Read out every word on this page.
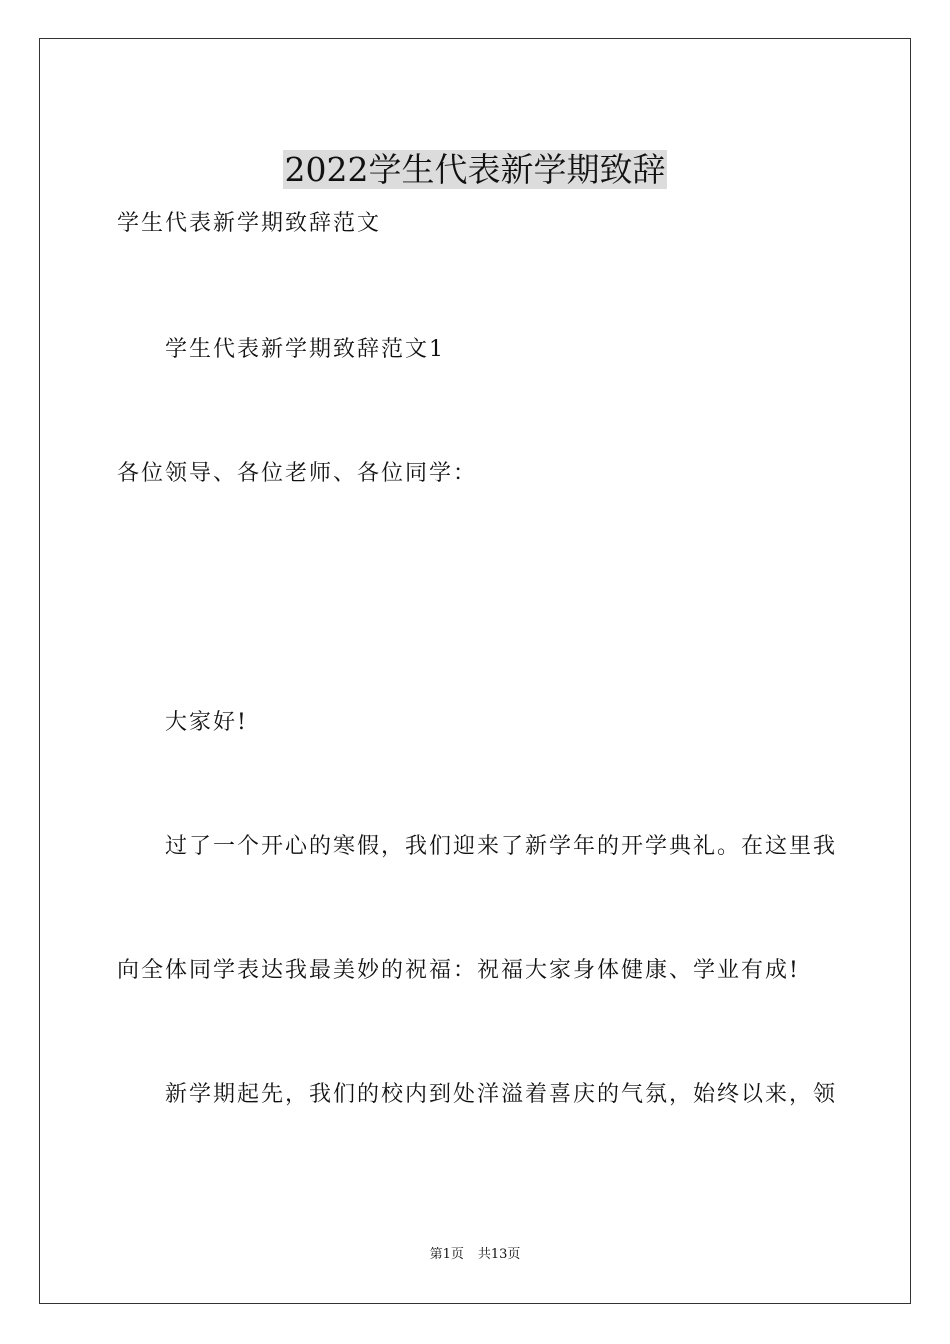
2022学生代表新学期致辞
学生代表新学期致辞范文
学生代表新学期致辞范文1
各位领导、各位老师、各位同学：
大家好!
过了一个开心的寒假，我们迎来了新学年的开学典礼。在这里我
向全体同学表达我最美妙的祝福：祝福大家身体健康、学业有成!
新学期起先，我们的校内到处洋溢着喜庆的气氛，始终以来，领
第1页 共13页
